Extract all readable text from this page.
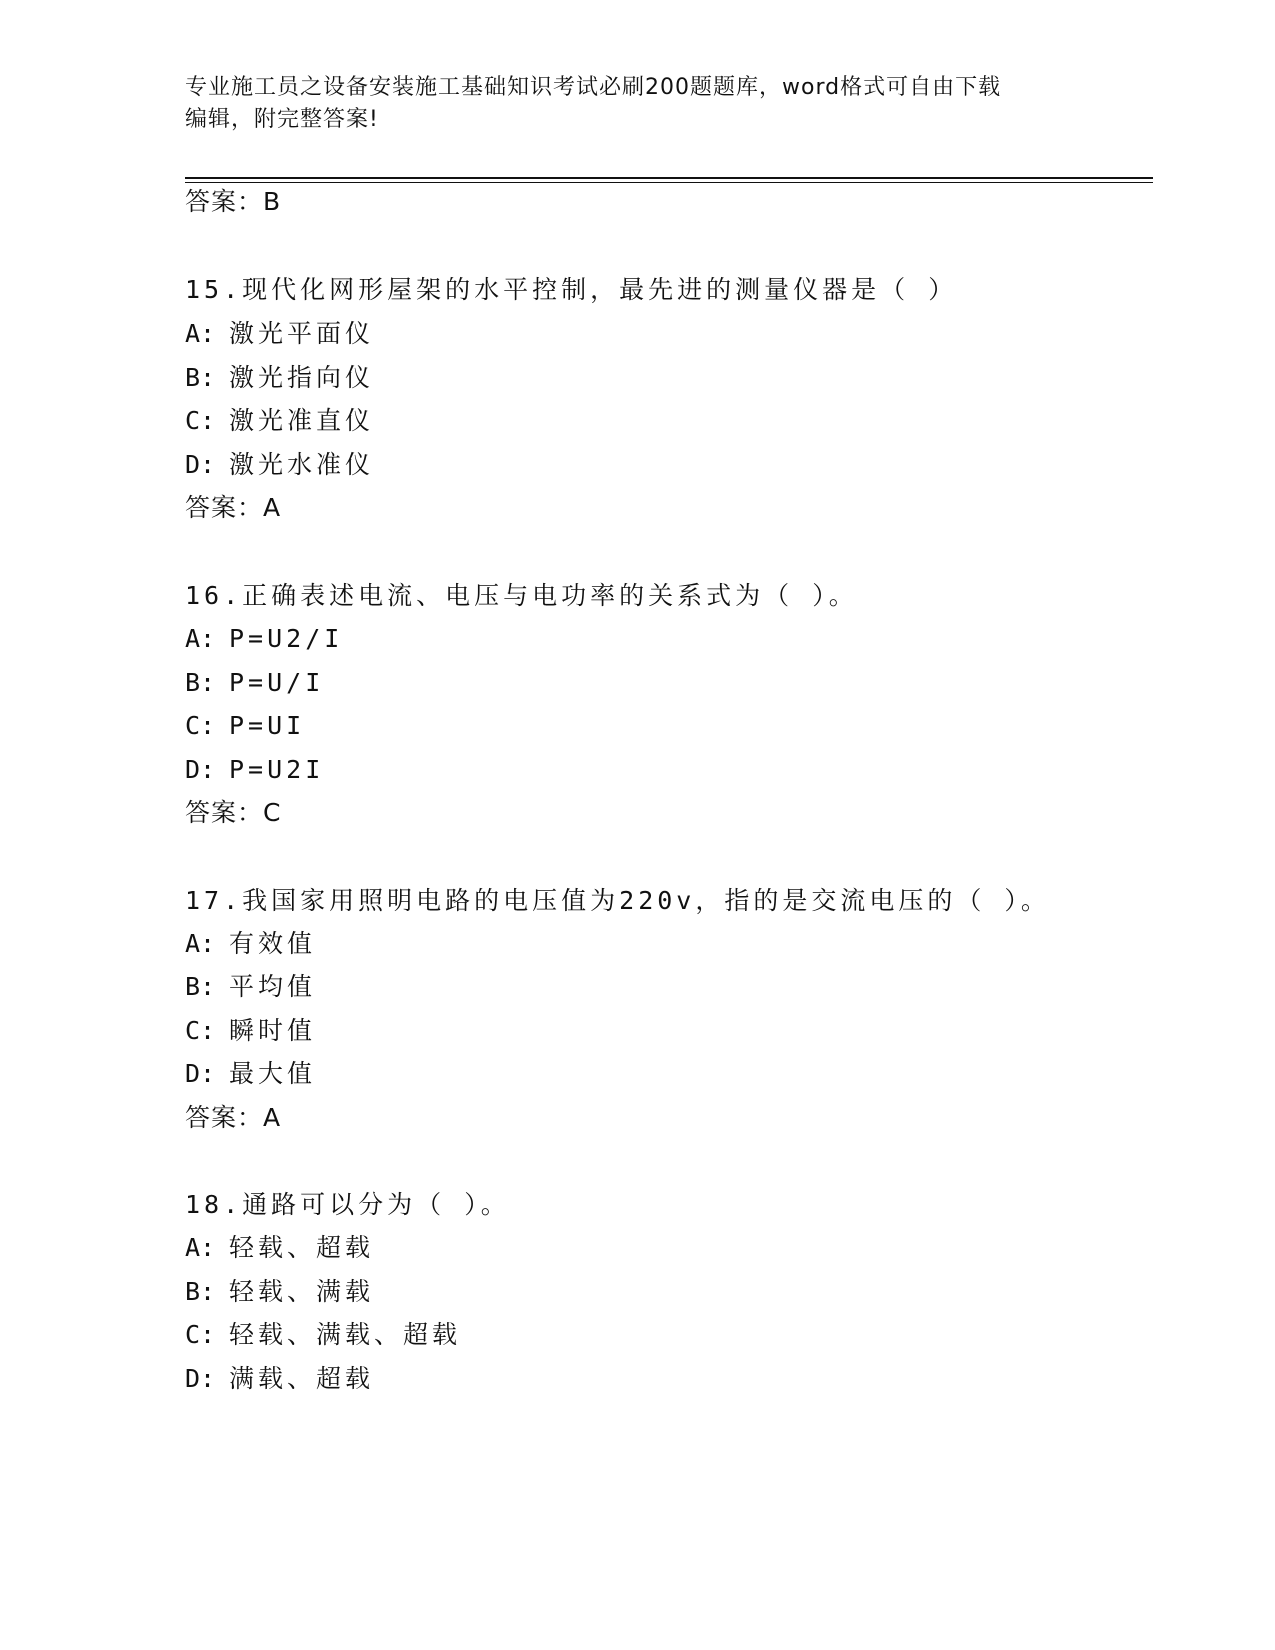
专业施工员之设备安装施工基础知识考试必刷200题题库，word格式可自由下载
编辑，附完整答案!
答案：B
15.现代化网形屋架的水平控制，最先进的测量仪器是（ ）
A: 激光平面仪
B: 激光指向仪
C: 激光准直仪
D: 激光水准仪
答案：A
16.正确表述电流、电压与电功率的关系式为（ ）。
A: P=U2/I
B: P=U/I
C: P=UI
D: P=U2I
答案：C
17.我国家用照明电路的电压值为220v，指的是交流电压的（ ）。
A: 有效值
B: 平均值
C: 瞬时值
D: 最大值
答案：A
18.通路可以分为（ ）。
A: 轻载、超载
B: 轻载、满载
C: 轻载、满载、超载
D: 满载、超载
